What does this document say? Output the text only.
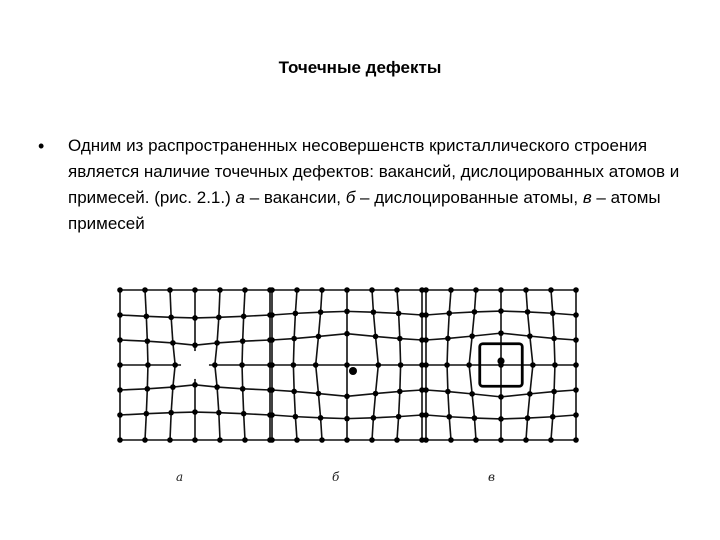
Точечные дефекты
•	Одним из распространенных несовершенств кристаллического строения является наличие точечных дефектов: вакансий, дислоцированных атомов и примесей. (рис. 2.1.) а – вакансии, б – дислоцированные атомы, в – атомы примесей

а	б	в
